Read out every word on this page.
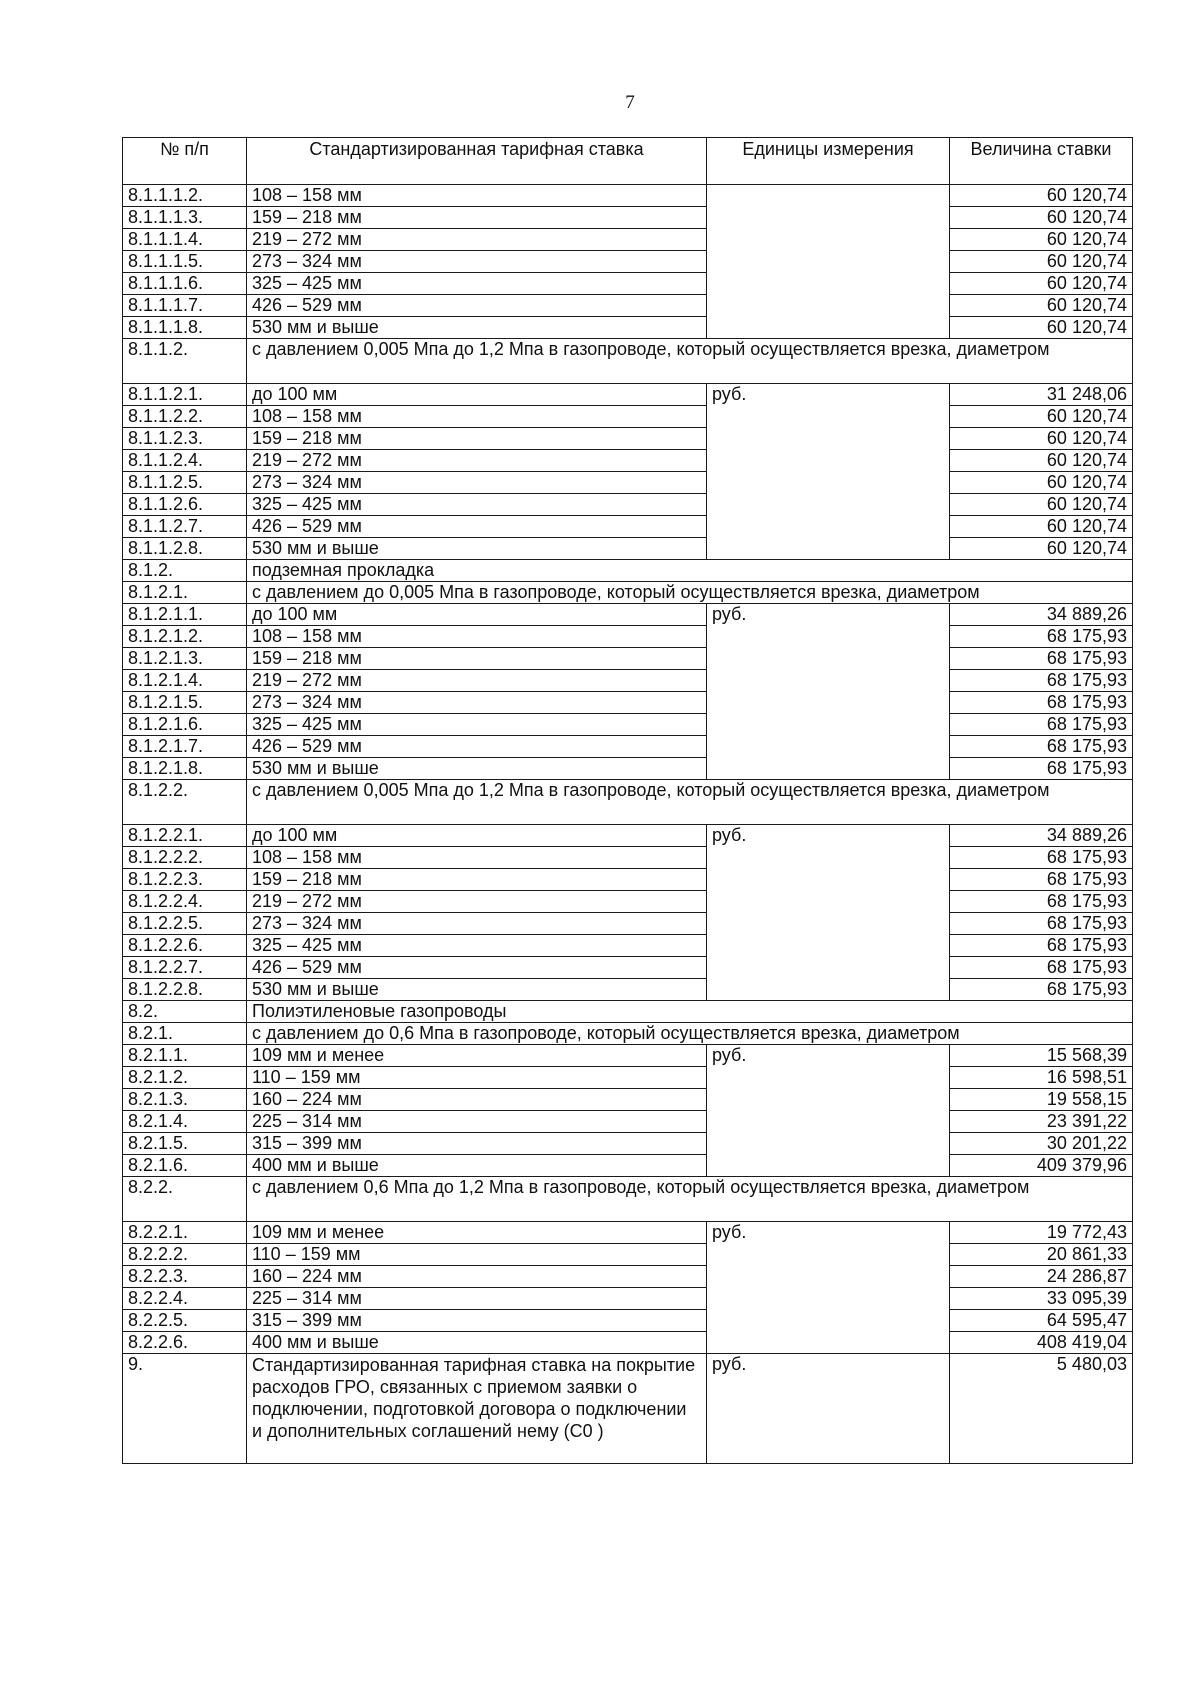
7
№ п/п	Стандартизированная тарифная ставка	Единицы измерения	Величина ставки
8.1.1.1.2.	108 – 158 мм		60 120,74
8.1.1.1.3.	159 – 218 мм		60 120,74
8.1.1.1.4.	219 – 272 мм		60 120,74
8.1.1.1.5.	273 – 324 мм		60 120,74
8.1.1.1.6.	325 – 425 мм		60 120,74
8.1.1.1.7.	426 – 529 мм		60 120,74
8.1.1.1.8.	530 мм и выше		60 120,74
8.1.1.2.	с давлением 0,005 Мпа до 1,2 Мпа в газопроводе, который осуществляется врезка, диаметром		
8.1.1.2.1.	до 100 мм	руб.	31 248,06
8.1.1.2.2.	108 – 158 мм		60 120,74
8.1.1.2.3.	159 – 218 мм		60 120,74
8.1.1.2.4.	219 – 272 мм		60 120,74
8.1.1.2.5.	273 – 324 мм		60 120,74
8.1.1.2.6.	325 – 425 мм		60 120,74
8.1.1.2.7.	426 – 529 мм		60 120,74
8.1.1.2.8.	530 мм и выше		60 120,74
8.1.2.	подземная прокладка		
8.1.2.1.	с давлением до 0,005 Мпа в газопроводе, который осуществляется врезка, диаметром		
8.1.2.1.1.	до 100 мм	руб.	34 889,26
8.1.2.1.2.	108 – 158 мм		68 175,93
8.1.2.1.3.	159 – 218 мм		68 175,93
8.1.2.1.4.	219 – 272 мм		68 175,93
8.1.2.1.5.	273 – 324 мм		68 175,93
8.1.2.1.6.	325 – 425 мм		68 175,93
8.1.2.1.7.	426 – 529 мм		68 175,93
8.1.2.1.8.	530 мм и выше		68 175,93
8.1.2.2.	с давлением 0,005 Мпа до 1,2 Мпа в газопроводе, который осуществляется врезка, диаметром		
8.1.2.2.1.	до 100 мм	руб.	34 889,26
8.1.2.2.2.	108 – 158 мм		68 175,93
8.1.2.2.3.	159 – 218 мм		68 175,93
8.1.2.2.4.	219 – 272 мм		68 175,93
8.1.2.2.5.	273 – 324 мм		68 175,93
8.1.2.2.6.	325 – 425 мм		68 175,93
8.1.2.2.7.	426 – 529 мм		68 175,93
8.1.2.2.8.	530 мм и выше		68 175,93
8.2.	Полиэтиленовые газопроводы		
8.2.1.	с давлением до 0,6 Мпа в газопроводе, который осуществляется врезка, диаметром		
8.2.1.1.	109 мм и менее	руб.	15 568,39
8.2.1.2.	110 – 159 мм		16 598,51
8.2.1.3.	160 – 224 мм		19 558,15
8.2.1.4.	225 – 314 мм		23 391,22
8.2.1.5.	315 – 399 мм		30 201,22
8.2.1.6.	400 мм и выше		409 379,96
8.2.2.	с давлением 0,6 Мпа до 1,2 Мпа в газопроводе, который осуществляется врезка, диаметром		
8.2.2.1.	109 мм и менее	руб.	19 772,43
8.2.2.2.	110 – 159 мм		20 861,33
8.2.2.3.	160 – 224 мм		24 286,87
8.2.2.4.	225 – 314 мм		33 095,39
8.2.2.5.	315 – 399 мм		64 595,47
8.2.2.6.	400 мм и выше		408 419,04
9.	Стандартизированная тарифная ставка на покрытие расходов ГРО, связанных с приемом заявки о подключении, подготовкой договора о подключении и дополнительных соглашений нему (С0 )	руб.	5 480,03
